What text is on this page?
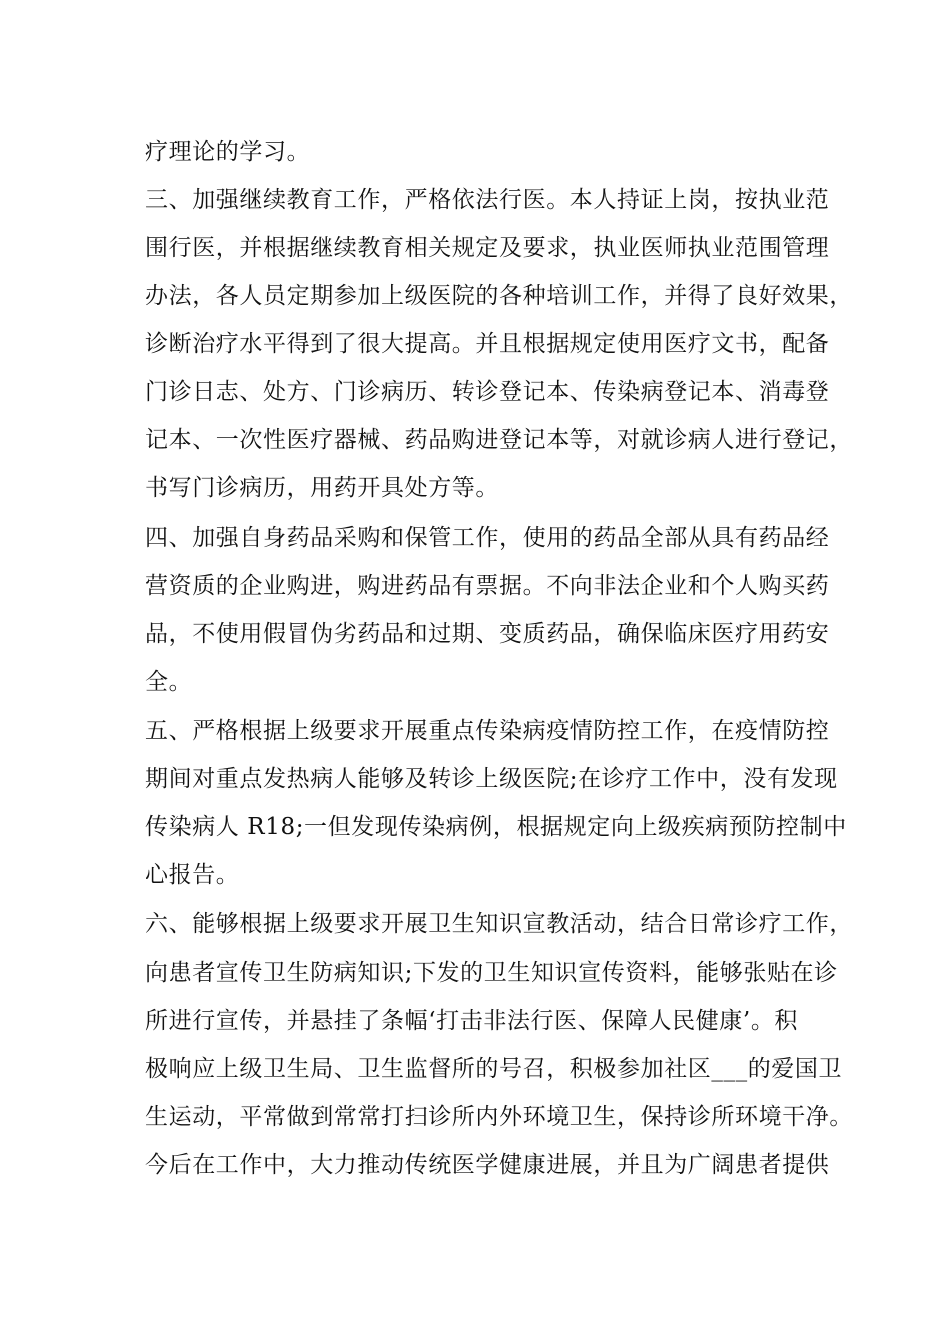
疗理论的学习。
三、加强继续教育工作，严格依法行医。本人持证上岗，按执业范
围行医，并根据继续教育相关规定及要求，执业医师执业范围管理
办法，各人员定期参加上级医院的各种培训工作，并得了良好效果，
诊断治疗水平得到了很大提高。并且根据规定使用医疗文书，配备
门诊日志、处方、门诊病历、转诊登记本、传染病登记本、消毒登
记本、一次性医疗器械、药品购进登记本等，对就诊病人进行登记，
书写门诊病历，用药开具处方等。
四、加强自身药品采购和保管工作，使用的药品全部从具有药品经
营资质的企业购进，购进药品有票据。不向非法企业和个人购买药
品，不使用假冒伪劣药品和过期、变质药品，确保临床医疗用药安
全。
五、严格根据上级要求开展重点传染病疫情防控工作，在疫情防控
期间对重点发热病人能够及转诊上级医院;在诊疗工作中，没有发现
传染病人 R18;一但发现传染病例，根据规定向上级疾病预防控制中
心报告。
六、能够根据上级要求开展卫生知识宣教活动，结合日常诊疗工作，
向患者宣传卫生防病知识;下发的卫生知识宣传资料，能够张贴在诊
所进行宣传，并悬挂了条幅‘打击非法行医、保障人民健康’。积
极响应上级卫生局、卫生监督所的号召，积极参加社区___的爱国卫
生运动，平常做到常常打扫诊所内外环境卫生，保持诊所环境干净。
今后在工作中，大力推动传统医学健康进展，并且为广阔患者提供
